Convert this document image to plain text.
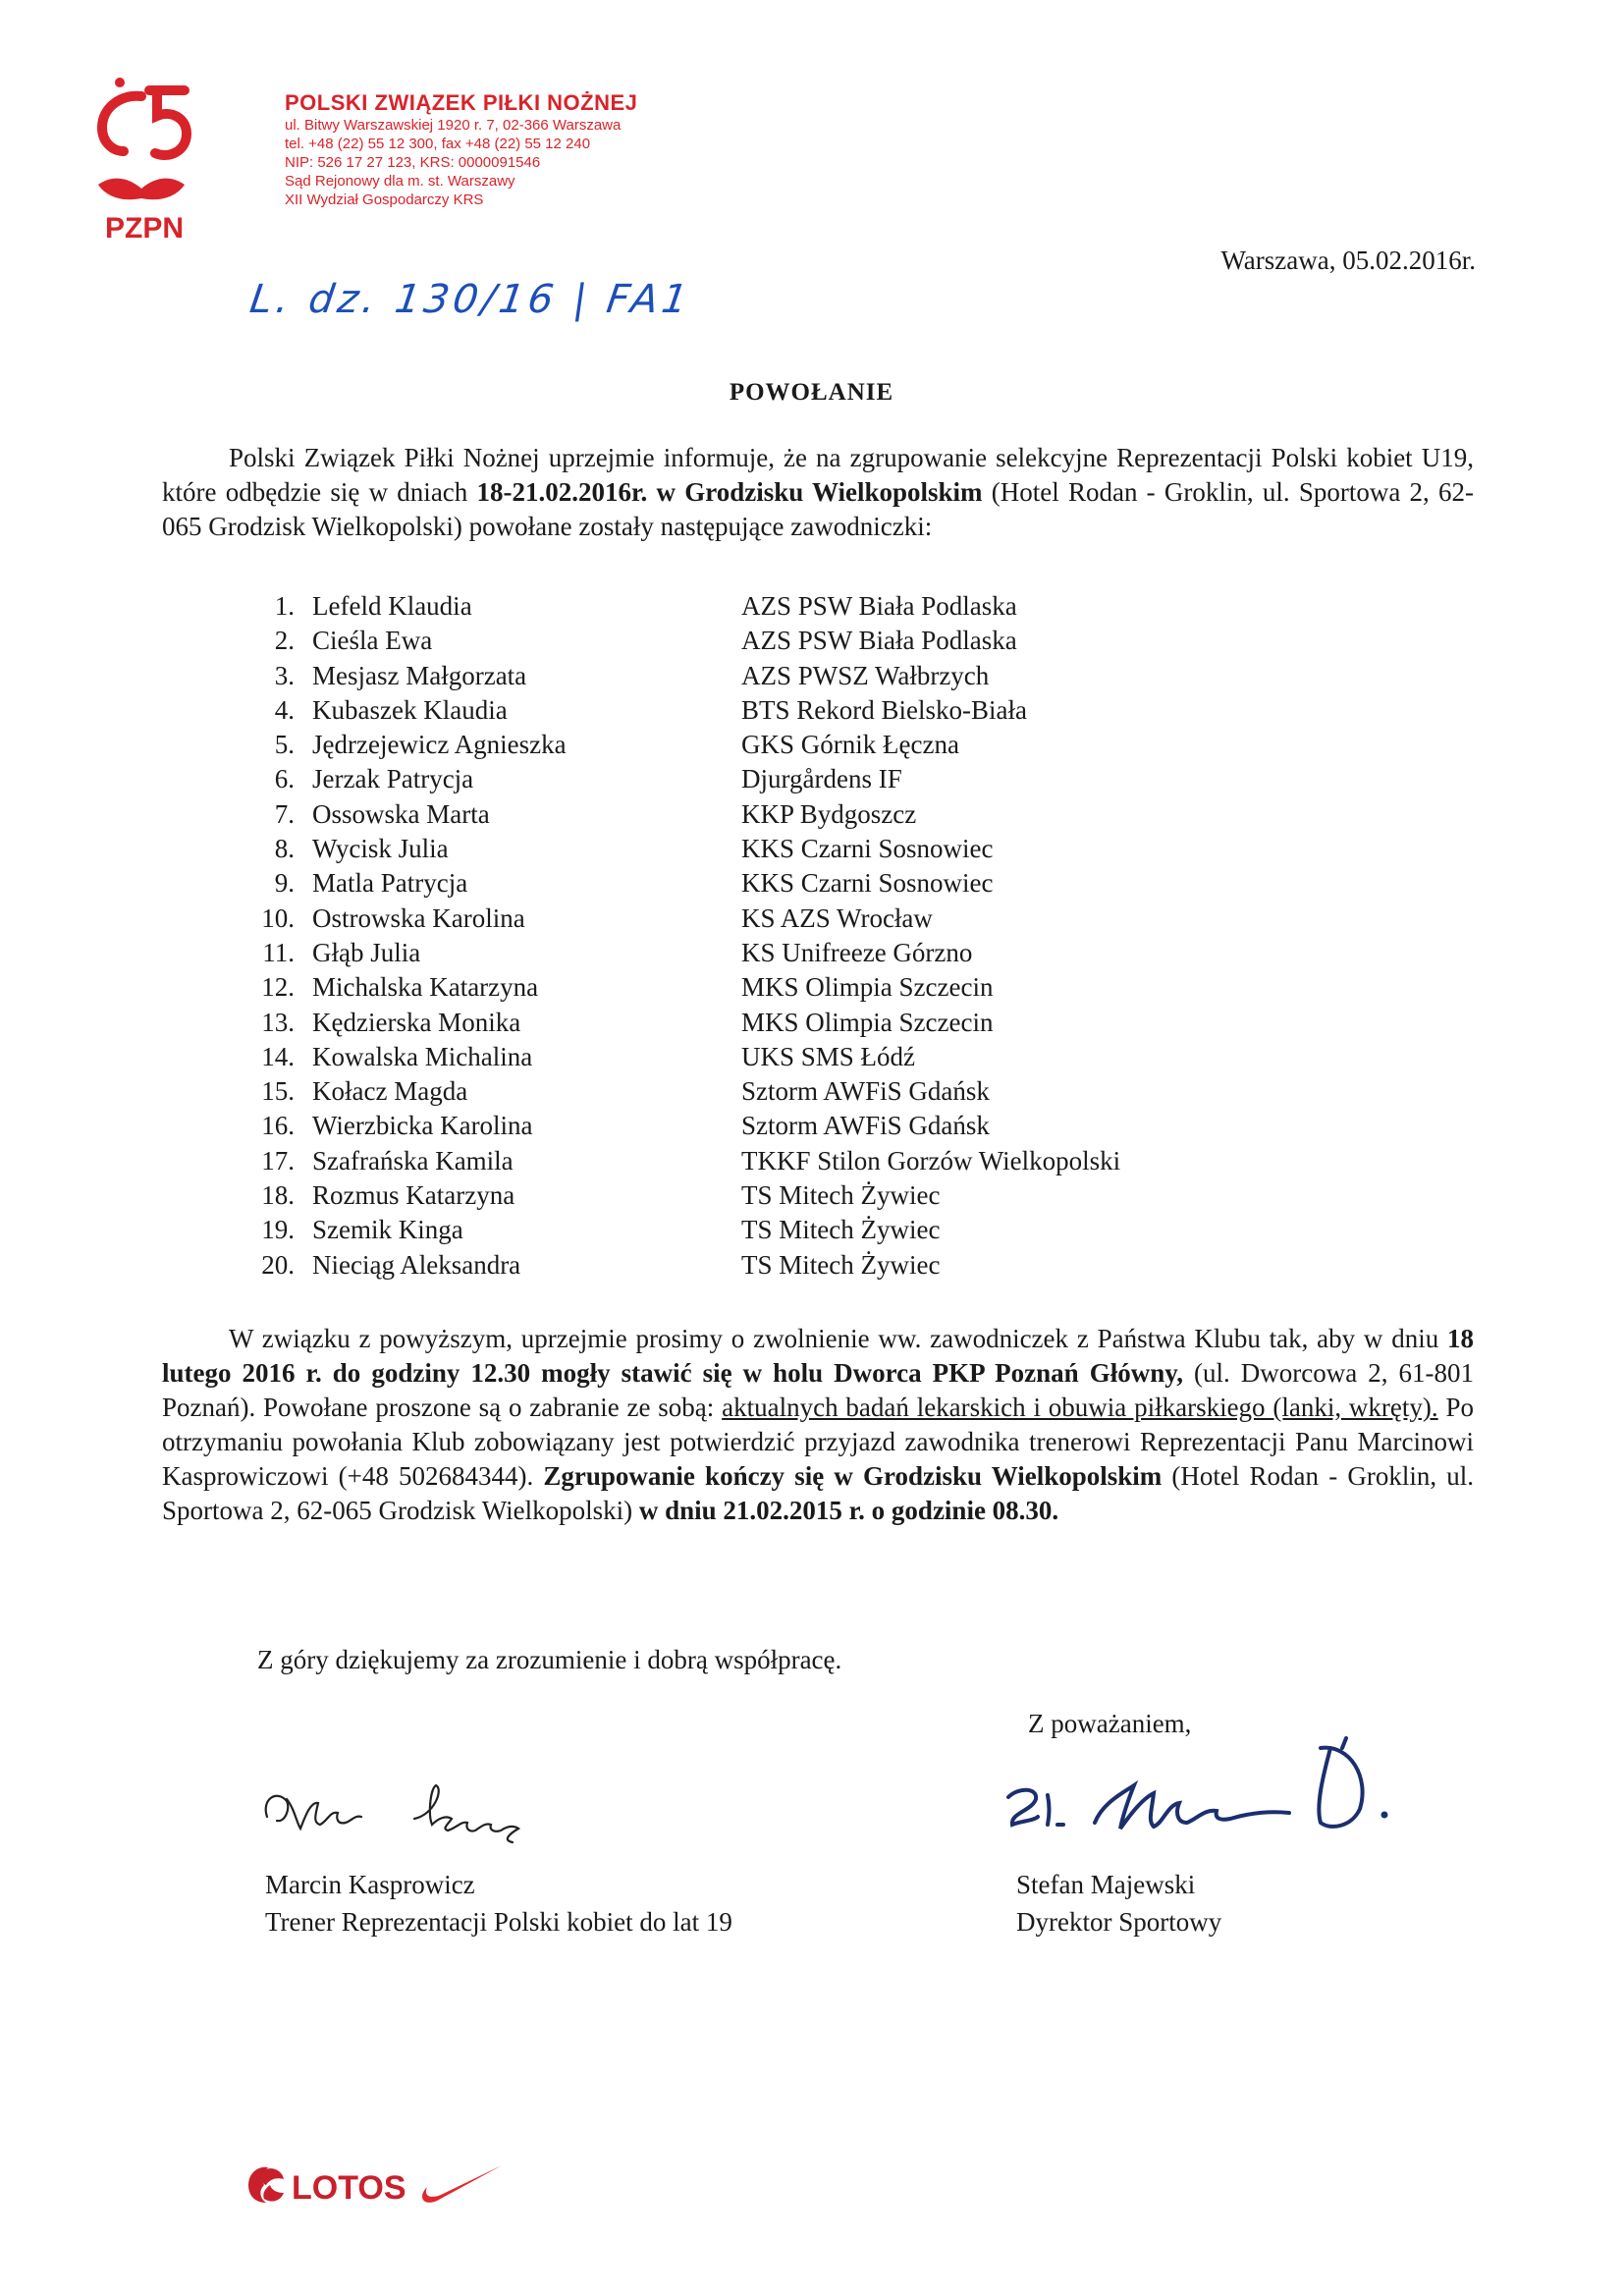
PZPN
POLSKI ZWIĄZEK PIŁKI NOŻNEJ
ul. Bitwy Warszawskiej 1920 r. 7, 02-366 Warszawa
tel. +48 (22) 55 12 300, fax +48 (22) 55 12 240
NIP: 526 17 27 123, KRS: 0000091546
Sąd Rejonowy dla m. st. Warszawy
XII Wydział Gospodarczy KRS
Warszawa, 05.02.2016r.
L. dz. 130/16 | FA1
POWOŁANIE
Polski Związek Piłki Nożnej uprzejmie informuje, że na zgrupowanie selekcyjne Reprezentacji Polski kobiet U19, które odbędzie się w dniach 18-21.02.2016r. w Grodzisku Wielkopolskim (Hotel Rodan - Groklin, ul. Sportowa 2, 62-065 Grodzisk Wielkopolski) powołane zostały następujące zawodniczki:
1. Lefeld Klaudia	AZS PSW Biała Podlaska
2. Cieśla Ewa	AZS PSW Biała Podlaska
3. Mesjasz Małgorzata	AZS PWSZ Wałbrzych
4. Kubaszek Klaudia	BTS Rekord Bielsko-Biała
5. Jędrzejewicz Agnieszka	GKS Górnik Łęczna
6. Jerzak Patrycja	Djurgårdens IF
7. Ossowska Marta	KKP Bydgoszcz
8. Wycisk Julia	KKS Czarni Sosnowiec
9. Matla Patrycja	KKS Czarni Sosnowiec
10. Ostrowska Karolina	KS AZS Wrocław
11. Głąb Julia	KS Unifreeze Górzno
12. Michalska Katarzyna	MKS Olimpia Szczecin
13. Kędzierska Monika	MKS Olimpia Szczecin
14. Kowalska Michalina	UKS SMS Łódź
15. Kołacz Magda	Sztorm AWFiS Gdańsk
16. Wierzbicka Karolina	Sztorm AWFiS Gdańsk
17. Szafrańska Kamila	TKKF Stilon Gorzów Wielkopolski
18. Rozmus Katarzyna	TS Mitech Żywiec
19. Szemik Kinga	TS Mitech Żywiec
20. Nieciąg Aleksandra	TS Mitech Żywiec
W związku z powyższym, uprzejmie prosimy o zwolnienie ww. zawodniczek z Państwa Klubu tak, aby w dniu 18 lutego 2016 r. do godziny 12.30 mogły stawić się w holu Dworca PKP Poznań Główny, (ul. Dworcowa 2, 61-801 Poznań). Powołane proszone są o zabranie ze sobą: aktualnych badań lekarskich i obuwia piłkarskiego (lanki, wkręty). Po otrzymaniu powołania Klub zobowiązany jest potwierdzić przyjazd zawodnika trenerowi Reprezentacji Panu Marcinowi Kasprowiczowi (+48 502684344). Zgrupowanie kończy się w Grodzisku Wielkopolskim (Hotel Rodan - Groklin, ul. Sportowa 2, 62-065 Grodzisk Wielkopolski) w dniu 21.02.2015 r. o godzinie 08.30.
Z góry dziękujemy za zrozumienie i dobrą współpracę.
Z poważaniem,
Marcin Kasprowicz
Trener Reprezentacji Polski kobiet do lat 19
Stefan Majewski
Dyrektor Sportowy
LOTOS
